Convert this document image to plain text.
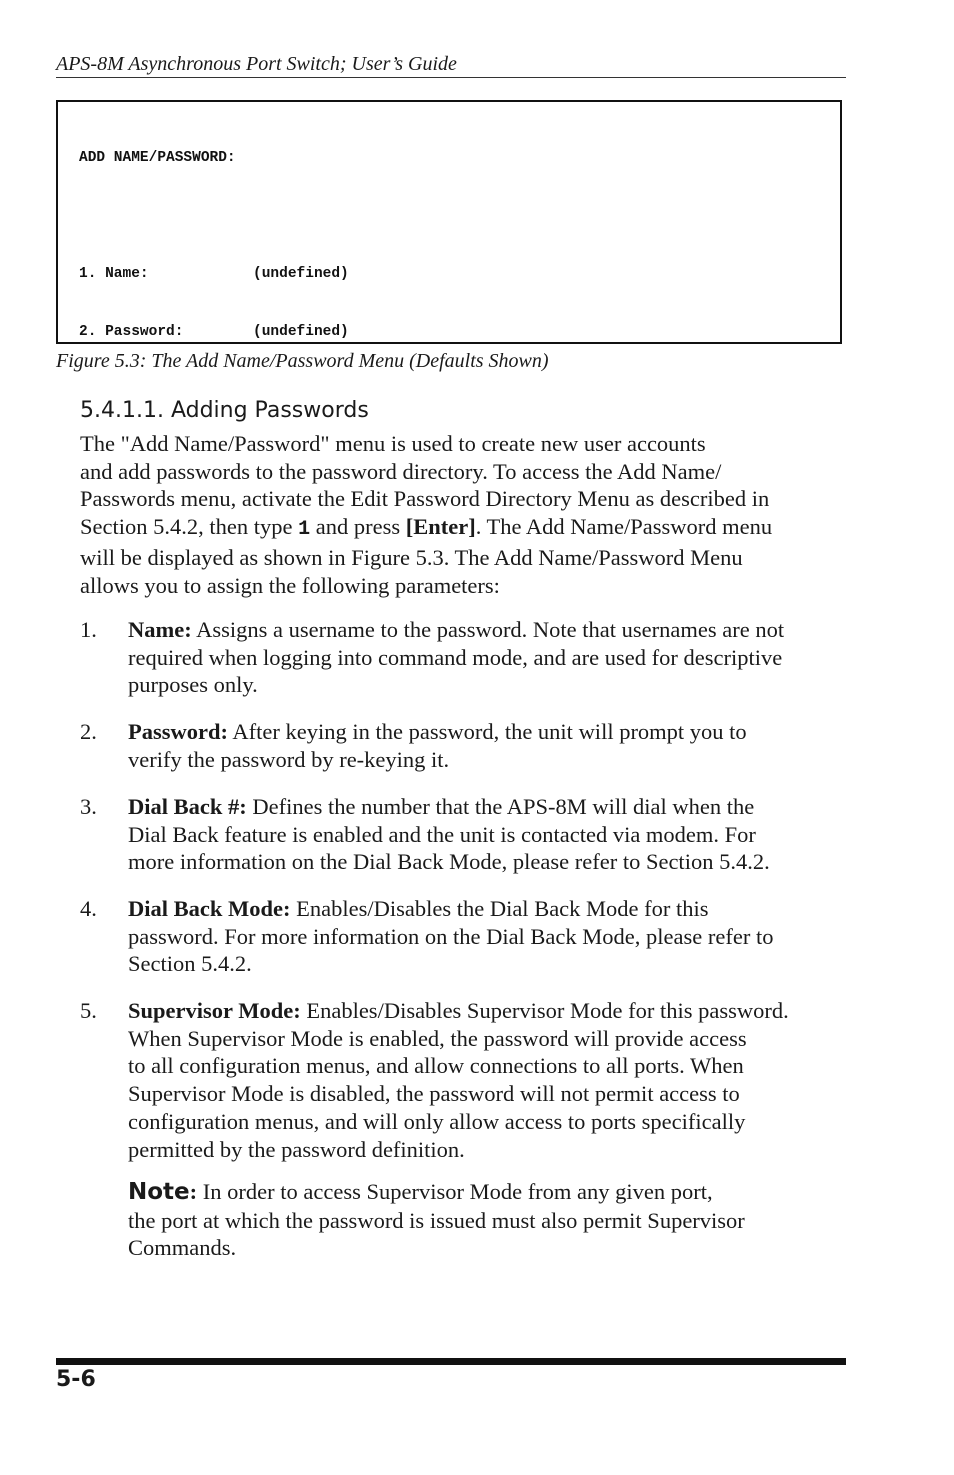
APS-8M Asynchronous Port Switch; User’s Guide

ADD NAME/PASSWORD:

1. Name:            (undefined)

2. Password:        (undefined)

Figure 5.3: The Add Name/Password Menu (Defaults Shown)
5.4.1.1. Adding Passwords
The "Add Name/Password" menu is used to create new user accounts
and add passwords to the password directory. To access the Add Name/
Passwords menu, activate the Edit Password Directory Menu as described in
Section 5.4.2, then type 1 and press [Enter]. The Add Name/Password menu
will be displayed as shown in Figure 5.3. The Add Name/Password Menu
allows you to assign the following parameters:
1. Name: Assigns a username to the password. Note that usernames are not
required when logging into command mode, and are used for descriptive
purposes only.
2. Password: After keying in the password, the unit will prompt you to
verify the password by re-keying it.
3. Dial Back #: Defines the number that the APS-8M will dial when the
Dial Back feature is enabled and the unit is contacted via modem. For
more information on the Dial Back Mode, please refer to Section 5.4.2.
4. Dial Back Mode: Enables/Disables the Dial Back Mode for this
password. For more information on the Dial Back Mode, please refer to
Section 5.4.2.
5. Supervisor Mode: Enables/Disables Supervisor Mode for this password.
When Supervisor Mode is enabled, the password will provide access
to all configuration menus, and allow connections to all ports. When
Supervisor Mode is disabled, the password will not permit access to
configuration menus, and will only allow access to ports specifically
permitted by the password definition.
Note: In order to access Supervisor Mode from any given port,
the port at which the password is issued must also permit Supervisor
Commands.
5-6
